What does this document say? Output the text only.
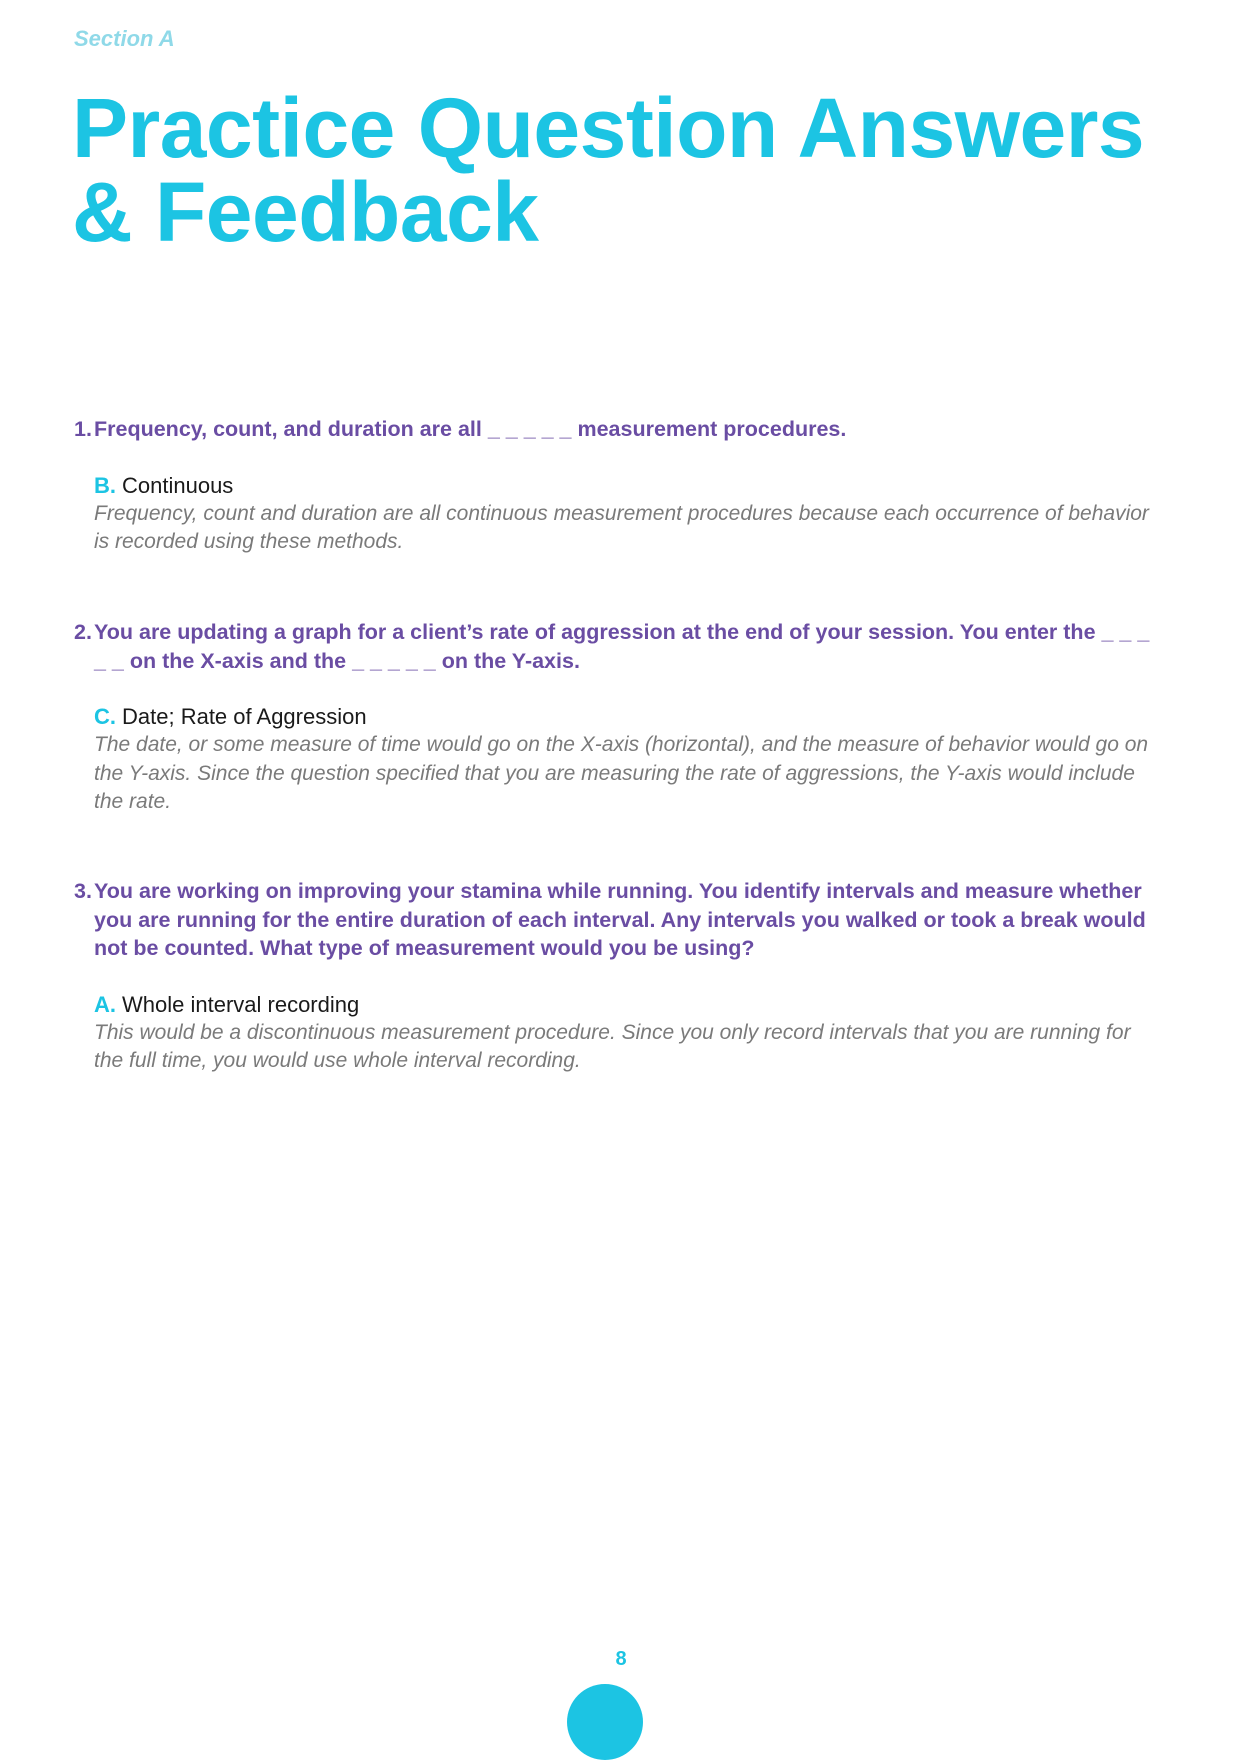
Section A
Practice Question Answers & Feedback
1. Frequency, count, and duration are all _ _ _ _ _ measurement procedures.
B. Continuous
Frequency, count and duration are all continuous measurement procedures because each occurrence of behavior is recorded using these methods.
2. You are updating a graph for a client’s rate of aggression at the end of your session. You enter the _ _ _ _ _ on the X-axis and the _ _ _ _ _ on the Y-axis.
C. Date; Rate of Aggression
The date, or some measure of time would go on the X-axis (horizontal), and the measure of behavior would go on the Y-axis. Since the question specified that you are measuring the rate of aggressions, the Y-axis would include the rate.
3. You are working on improving your stamina while running. You identify intervals and measure whether you are running for the entire duration of each interval. Any intervals you walked or took a break would not be counted. What type of measurement would you be using?
A. Whole interval recording
This would be a discontinuous measurement procedure. Since you only record intervals that you are running for the full time, you would use whole interval recording.
8
